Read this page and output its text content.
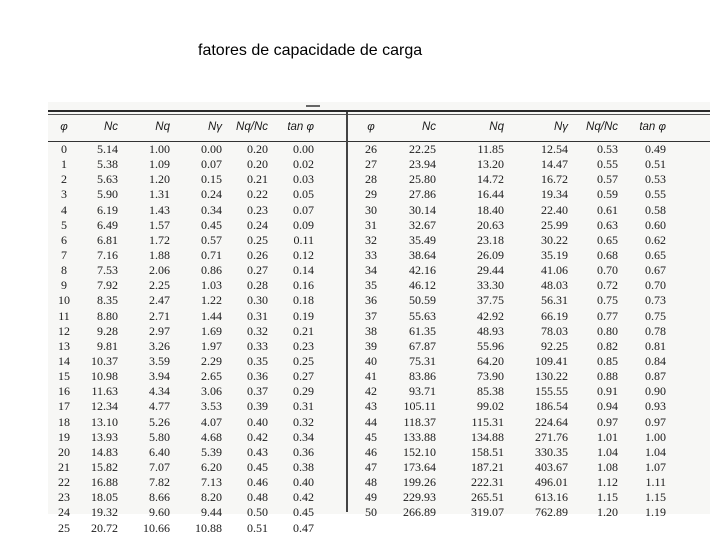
fatores de capacidade de carga
φ	Nc	Nq	Nγ	Nq/Nc	tan φ
0	5.14	1.00	0.00	0.20	0.00
1	5.38	1.09	0.07	0.20	0.02
2	5.63	1.20	0.15	0.21	0.03
3	5.90	1.31	0.24	0.22	0.05
4	6.19	1.43	0.34	0.23	0.07
5	6.49	1.57	0.45	0.24	0.09
6	6.81	1.72	0.57	0.25	0.11
7	7.16	1.88	0.71	0.26	0.12
8	7.53	2.06	0.86	0.27	0.14
9	7.92	2.25	1.03	0.28	0.16
10	8.35	2.47	1.22	0.30	0.18
11	8.80	2.71	1.44	0.31	0.19
12	9.28	2.97	1.69	0.32	0.21
13	9.81	3.26	1.97	0.33	0.23
14	10.37	3.59	2.29	0.35	0.25
15	10.98	3.94	2.65	0.36	0.27
16	11.63	4.34	3.06	0.37	0.29
17	12.34	4.77	3.53	0.39	0.31
18	13.10	5.26	4.07	0.40	0.32
19	13.93	5.80	4.68	0.42	0.34
20	14.83	6.40	5.39	0.43	0.36
21	15.82	7.07	6.20	0.45	0.38
22	16.88	7.82	7.13	0.46	0.40
23	18.05	8.66	8.20	0.48	0.42
24	19.32	9.60	9.44	0.50	0.45
25	20.72	10.66	10.88	0.51	0.47
φ	Nc	Nq	Nγ	Nq/Nc	tan φ
26	22.25	11.85	12.54	0.53	0.49
27	23.94	13.20	14.47	0.55	0.51
28	25.80	14.72	16.72	0.57	0.53
29	27.86	16.44	19.34	0.59	0.55
30	30.14	18.40	22.40	0.61	0.58
31	32.67	20.63	25.99	0.63	0.60
32	35.49	23.18	30.22	0.65	0.62
33	38.64	26.09	35.19	0.68	0.65
34	42.16	29.44	41.06	0.70	0.67
35	46.12	33.30	48.03	0.72	0.70
36	50.59	37.75	56.31	0.75	0.73
37	55.63	42.92	66.19	0.77	0.75
38	61.35	48.93	78.03	0.80	0.78
39	67.87	55.96	92.25	0.82	0.81
40	75.31	64.20	109.41	0.85	0.84
41	83.86	73.90	130.22	0.88	0.87
42	93.71	85.38	155.55	0.91	0.90
43	105.11	99.02	186.54	0.94	0.93
44	118.37	115.31	224.64	0.97	0.97
45	133.88	134.88	271.76	1.01	1.00
46	152.10	158.51	330.35	1.04	1.04
47	173.64	187.21	403.67	1.08	1.07
48	199.26	222.31	496.01	1.12	1.11
49	229.93	265.51	613.16	1.15	1.15
50	266.89	319.07	762.89	1.20	1.19
